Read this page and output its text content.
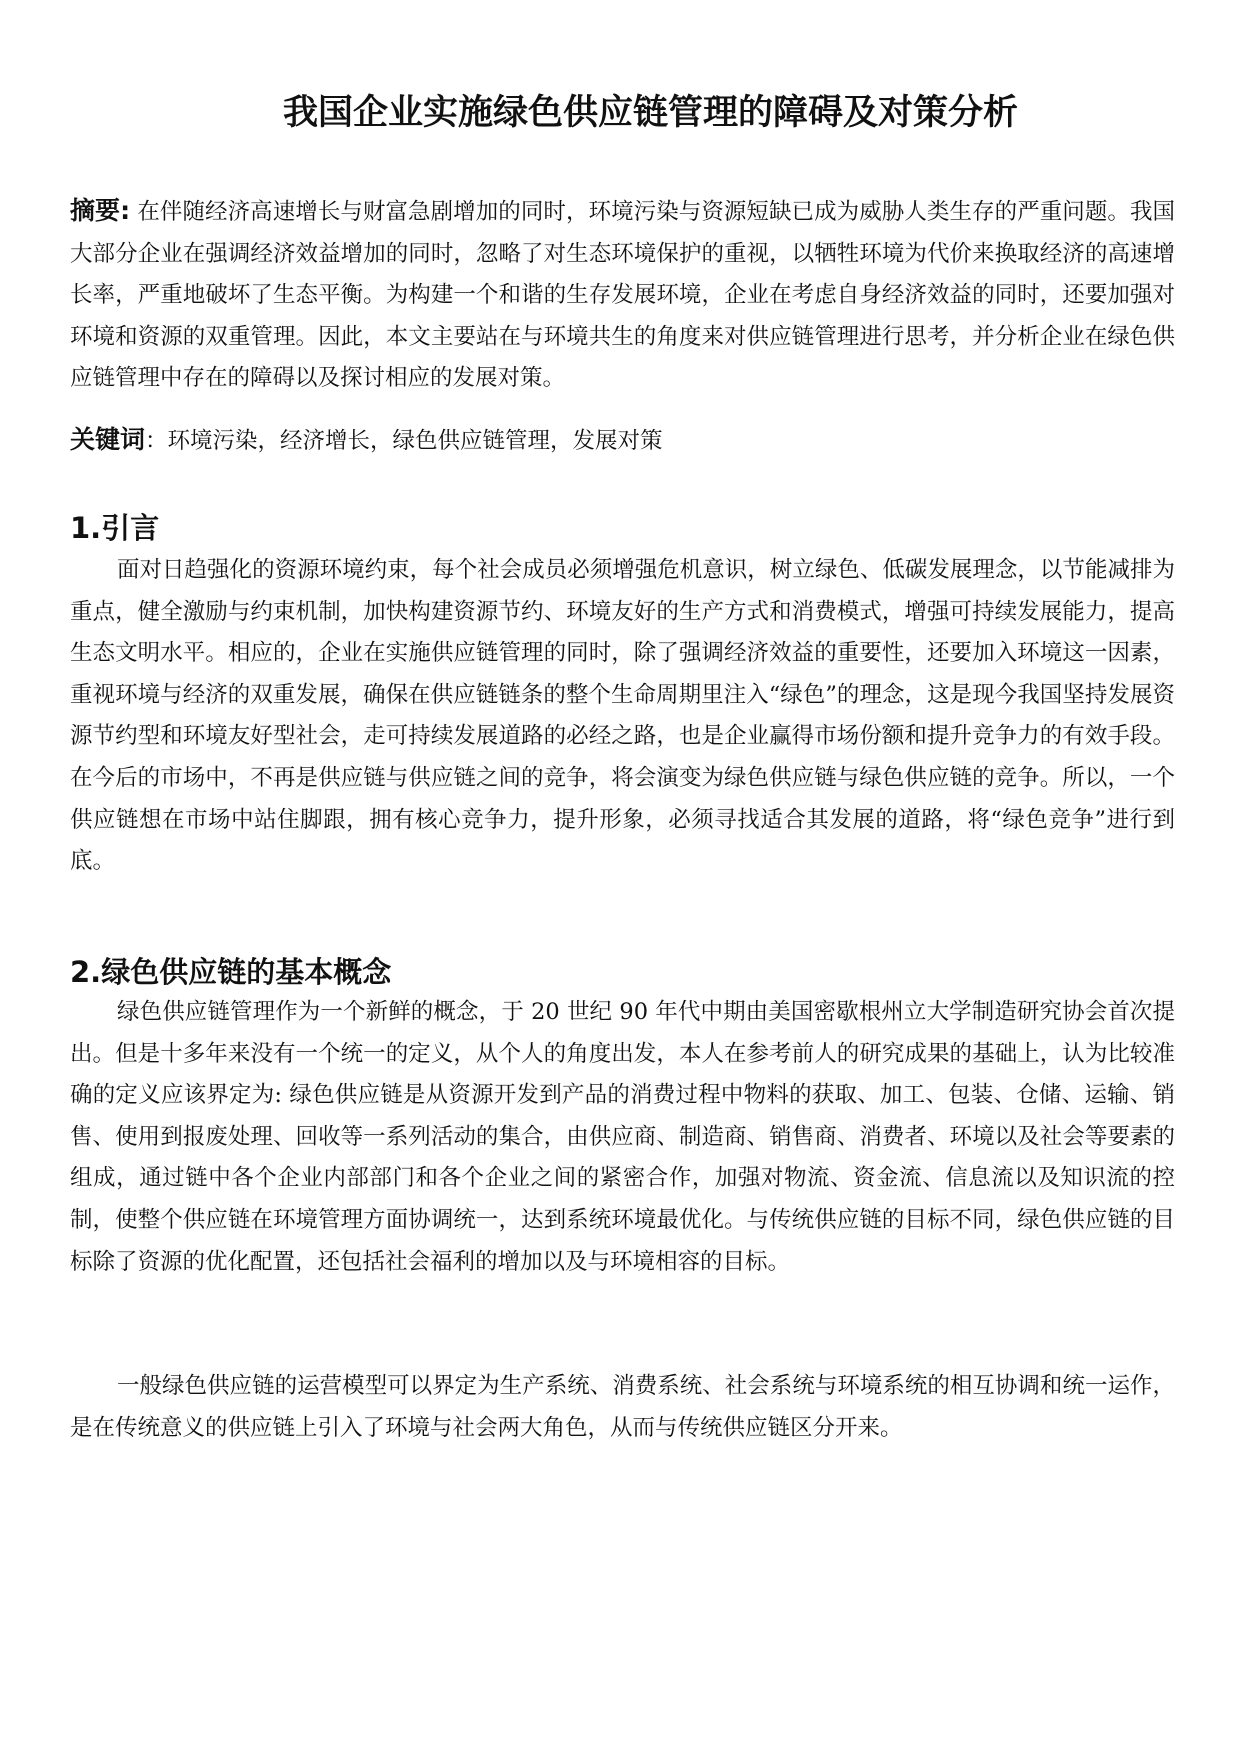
我国企业实施绿色供应链管理的障碍及对策分析

摘要: 在伴随经济高速增长与财富急剧增加的同时，环境污染与资源短缺已成为威胁人类生存的严重问题。我国大部分企业在强调经济效益增加的同时，忽略了对生态环境保护的重视，以牺牲环境为代价来换取经济的高速增长率，严重地破坏了生态平衡。为构建一个和谐的生存发展环境，企业在考虑自身经济效益的同时，还要加强对环境和资源的双重管理。因此，本文主要站在与环境共生的角度来对供应链管理进行思考，并分析企业在绿色供应链管理中存在的障碍以及探讨相应的发展对策。

关键词：环境污染，经济增长，绿色供应链管理，发展对策

1.引言

面对日趋强化的资源环境约束，每个社会成员必须增强危机意识，树立绿色、低碳发展理念，以节能减排为重点，健全激励与约束机制，加快构建资源节约、环境友好的生产方式和消费模式，增强可持续发展能力，提高生态文明水平。相应的，企业在实施供应链管理的同时，除了强调经济效益的重要性，还要加入环境这一因素，重视环境与经济的双重发展，确保在供应链链条的整个生命周期里注入“绿色”的理念，这是现今我国坚持发展资源节约型和环境友好型社会，走可持续发展道路的必经之路，也是企业赢得市场份额和提升竞争力的有效手段。在今后的市场中，不再是供应链与供应链之间的竞争，将会演变为绿色供应链与绿色供应链的竞争。所以，一个供应链想在市场中站住脚跟，拥有核心竞争力，提升形象，必须寻找适合其发展的道路，将“绿色竞争”进行到底。

2.绿色供应链的基本概念

绿色供应链管理作为一个新鲜的概念，于 20 世纪 90 年代中期由美国密歇根州立大学制造研究协会首次提出。但是十多年来没有一个统一的定义，从个人的角度出发，本人在参考前人的研究成果的基础上，认为比较准确的定义应该界定为: 绿色供应链是从资源开发到产品的消费过程中物料的获取、加工、包装、仓储、运输、销售、使用到报废处理、回收等一系列活动的集合，由供应商、制造商、销售商、消费者、环境以及社会等要素的组成，通过链中各个企业内部部门和各个企业之间的紧密合作，加强对物流、资金流、信息流以及知识流的控制，使整个供应链在环境管理方面协调统一，达到系统环境最优化。与传统供应链的目标不同，绿色供应链的目标除了资源的优化配置，还包括社会福利的增加以及与环境相容的目标。

一般绿色供应链的运营模型可以界定为生产系统、消费系统、社会系统与环境系统的相互协调和统一运作，是在传统意义的供应链上引入了环境与社会两大角色，从而与传统供应链区分开来。
